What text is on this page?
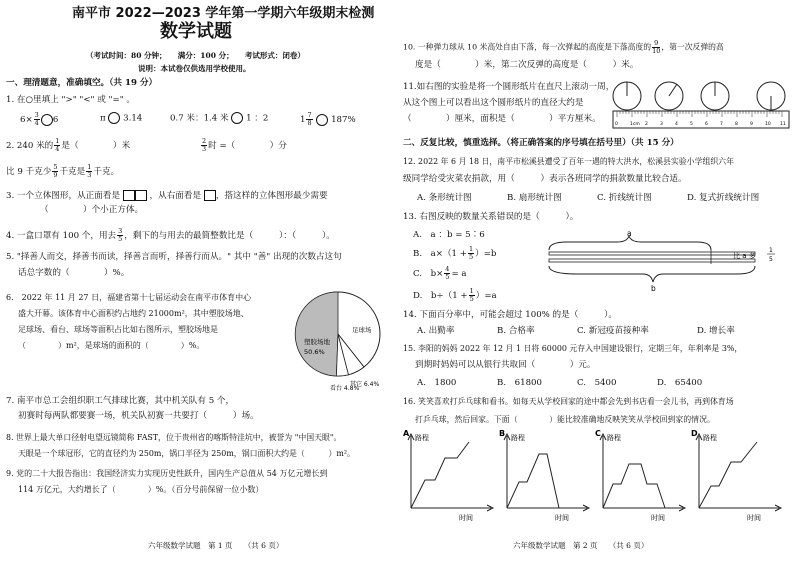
南平市 2022—2023 学年第一学期六年级期末检测
数学试题
（考试时间：80 分钟；　　满分：100 分；　　考试形式：闭卷）
说明：本试卷仅供选用学校使用。
一、理清题意，准确填空。（共 19 分）
1. 在○里填上 ">" "<" 或 "=" 。
$6\times \frac{3}{4} 6$	π 3.14	0.7 米：1.4 米 1 ：2	$1 \frac{7}{8} 187\%$
2. 240 米的 $\frac{1}{4}$ 是（　　　　）米	$\frac{2}{3}$ 时 =（　　　　）分
比 9 千克少 $\frac{5}{9}$ 千克是 $\frac{1}{3}$ 千克。
3. 一个立体图形，从正面看是	，从右面看是 ，搭这样的立体图形最少需要
（　　　　）个小正方体。
4. 一盒口罩有 100 个，用去 $\frac{3}{5}$ ，剩下的与用去的最简整数比是（　　　）：（　　　）。
5. "择善人而交，择善书而读，择善言而听，择善行而从。" 其中 "善" 出现的次数占这句
话总字数的（　　　　）%。
6.　2022 年 11 月 27 日，福建省第十七届运动会在南平市体育中心
盛大开幕。该体育中心面积约占地约 21000m²，其中塑胶场地、
足球场、看台、球场等面积占比如右图所示，塑胶场地是
（　　　　）m²，是球场的面积的（　　　　）%。
足球场
塑胶场地
50.6%
其它 6.4%
看台 4.8%
7. 南平市总工会组织职工气排球比赛，其中机关队有 5 个，
初赛时每两队都要赛一场，机关队初赛一共要打（　　　）场。
8. 世界上最大单口径射电望远镜简称 FAST，位于贵州省的喀斯特洼坑中，被誉为 "中国天眼"。
天眼是一个球冠形，它的直径约为 250m，锅口半径为 250m，锅口面积大约是（　　　）m²。
9. 党的二十大报告指出：我国经济实力实现历史性跃升，国内生产总值从 54 万亿元增长到
114 万亿元，大约增长了（　　　　）%。（百分号前保留一位小数）
六年级数学试题　第 1 页　　（共 6 页）
10. 一种弹力球从 10 米高处自由下落，每一次弹起的高度是下落高度的 $\frac{9}{10}$ ，第一次反弹的高
度是（　　　　）米，第二次反弹的高度是（　　　）米。
11.如右图的实验是将一个圆形纸片在直尺上滚动一周，
从这个图上可以看出这个圆形纸片的直径大约是
（　　　　）厘米，面积是（　　　　）平方厘米。
0	1cm 2	3	4	5	6	7	8	9	10 11
二、反复比较，慎重选择。（将正确答案的序号填在括号里）（共 15 分）
12. 2022 年 6 月 18 日，南平市松溪县遭受了百年一遇的特大洪水，松溪县实验小学组织六年
级同学给受灾菜农捐款，用（　　　）表示各班同学的捐款数量比较合适。
A. 条形统计图	B. 扇形统计图	C. 折线统计图	D. 复式折线统计图
13. 右图反映的数量关系错误的是（　　　）。
A.　a ：b = 5∶6
B.　$a\times(1 + \frac{1}{5} )=b$
C.　$b\times \frac{4}{5} = a$
D.　$b\div(1 + \frac{1}{5} )=a$
a
b
比 a 多
1
5
14. 下面百分率中，可能会超过 100% 的是（　　　）。
A. 出勤率	B. 合格率	C. 新冠疫苗接种率	D. 增长率
15. 李阳的妈妈 2022 年 12 月 1 日将 60000 元存入中国建设银行，定期三年，年利率是 3%，
到期时妈妈可以从银行共取回（　　　　）元。
A.　1800	B.　61800	C.　5400	D.　65400
16. 笑笑喜欢打乒乓球和看书。如每天从学校回家的途中都会先到书店看一会儿书，再到体育场
打乒乓球，然后回家。下面（　　　　）能比较准确地反映笑笑从学校回到家的情况。
A 路程
时间
B 路程
时间
C 路程
时间
D 路程
时间
六年级数学试题　第 2 页　　（共 6 页）
